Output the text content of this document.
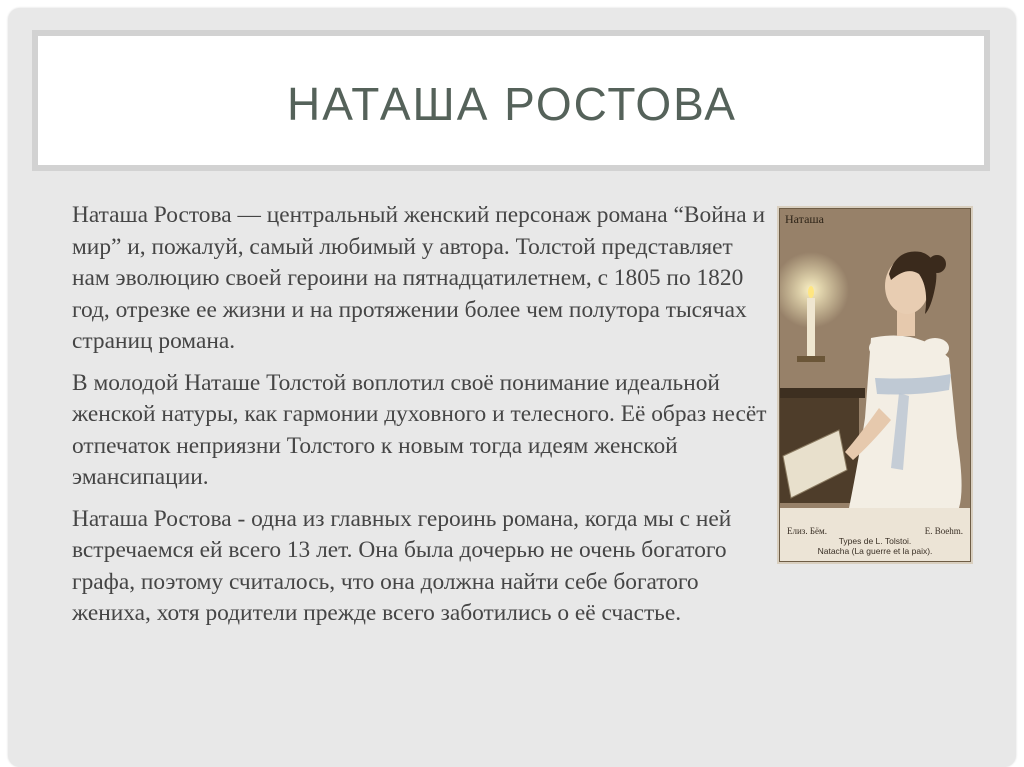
НАТАША РОСТОВА

Наташа Ростова — центральный женский персонаж романа “Война и мир” и, пожалуй, самый любимый у автора. Толстой представляет нам эволюцию своей героини на пятнадцатилетнем, с 1805 по 1820 год, отрезке ее жизни и на протяжении более чем полутора тысячах страниц романа.

В молодой Наташе Толстой воплотил своё понимание идеальной женской натуры, как гармонии духовного и телесного. Её образ несёт отпечаток неприязни Толстого к новым тогда идеям женской эмансипации.

Наташа Ростова - одна из главных героинь романа, когда мы с ней встречаемся ей всего 13 лет. Она была дочерью не очень богатого графа, поэтому считалось, что она должна найти себе богатого жениха, хотя родители прежде всего заботились о её счастье.

Наташа
Елиз. Бём.	E. Boehm.
Types de L. Tolstoi.
Natacha (La guerre et la paix).
